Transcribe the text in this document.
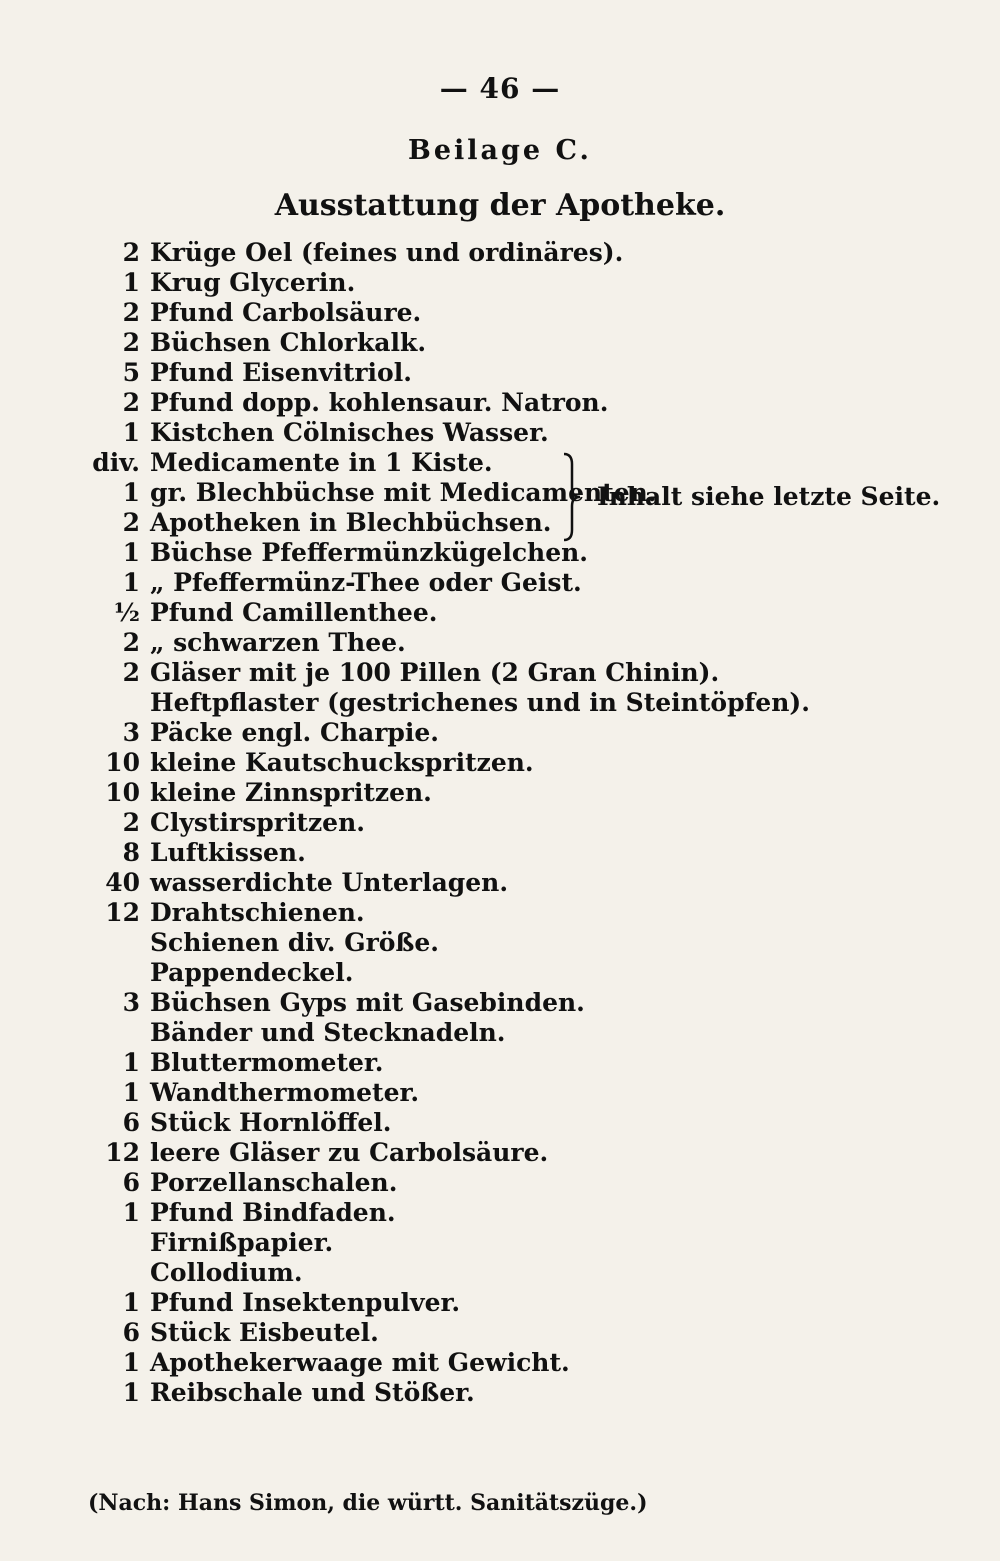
— 46 —
Beilage C.
Ausstattung der Apotheke.
2 Krüge Oel (feines und ordinäres).
1 Krug Glycerin.
2 Pfund Carbolsäure.
2 Büchsen Chlorkalk.
5 Pfund Eisenvitriol.
2 Pfund dopp. kohlensaur. Natron.
1 Kistchen Cölnisches Wasser.
div. Medicamente in 1 Kiste.
1 gr. Blechbüchse mit Medicamenten.
2 Apotheken in Blechbüchsen.
1 Büchse Pfeffermünzkügelchen.
1 „ Pfeffermünz-Thee oder Geist.
½ Pfund Camillenthee.
2 „ schwarzen Thee.
2 Gläser mit je 100 Pillen (2 Gran Chinin).
Heftpflaster (gestrichenes und in Steintöpfen).
3 Päcke engl. Charpie.
10 kleine Kautschuckspritzen.
10 kleine Zinnspritzen.
2 Clystirspritzen.
8 Luftkissen.
40 wasserdichte Unterlagen.
12 Drahtschienen.
Schienen div. Größe.
Pappendeckel.
3 Büchsen Gyps mit Gasebinden.
Bänder und Stecknadeln.
1 Bluttermometer.
1 Wandthermometer.
6 Stück Hornlöffel.
12 leere Gläser zu Carbolsäure.
6 Porzellanschalen.
1 Pfund Bindfaden.
Firnißpapier.
Collodium.
1 Pfund Insektenpulver.
6 Stück Eisbeutel.
1 Apothekerwaage mit Gewicht.
1 Reibschale und Stößer.
Inhalt siehe letzte Seite.
(Nach: Hans Simon, die württ. Sanitätszüge.)
